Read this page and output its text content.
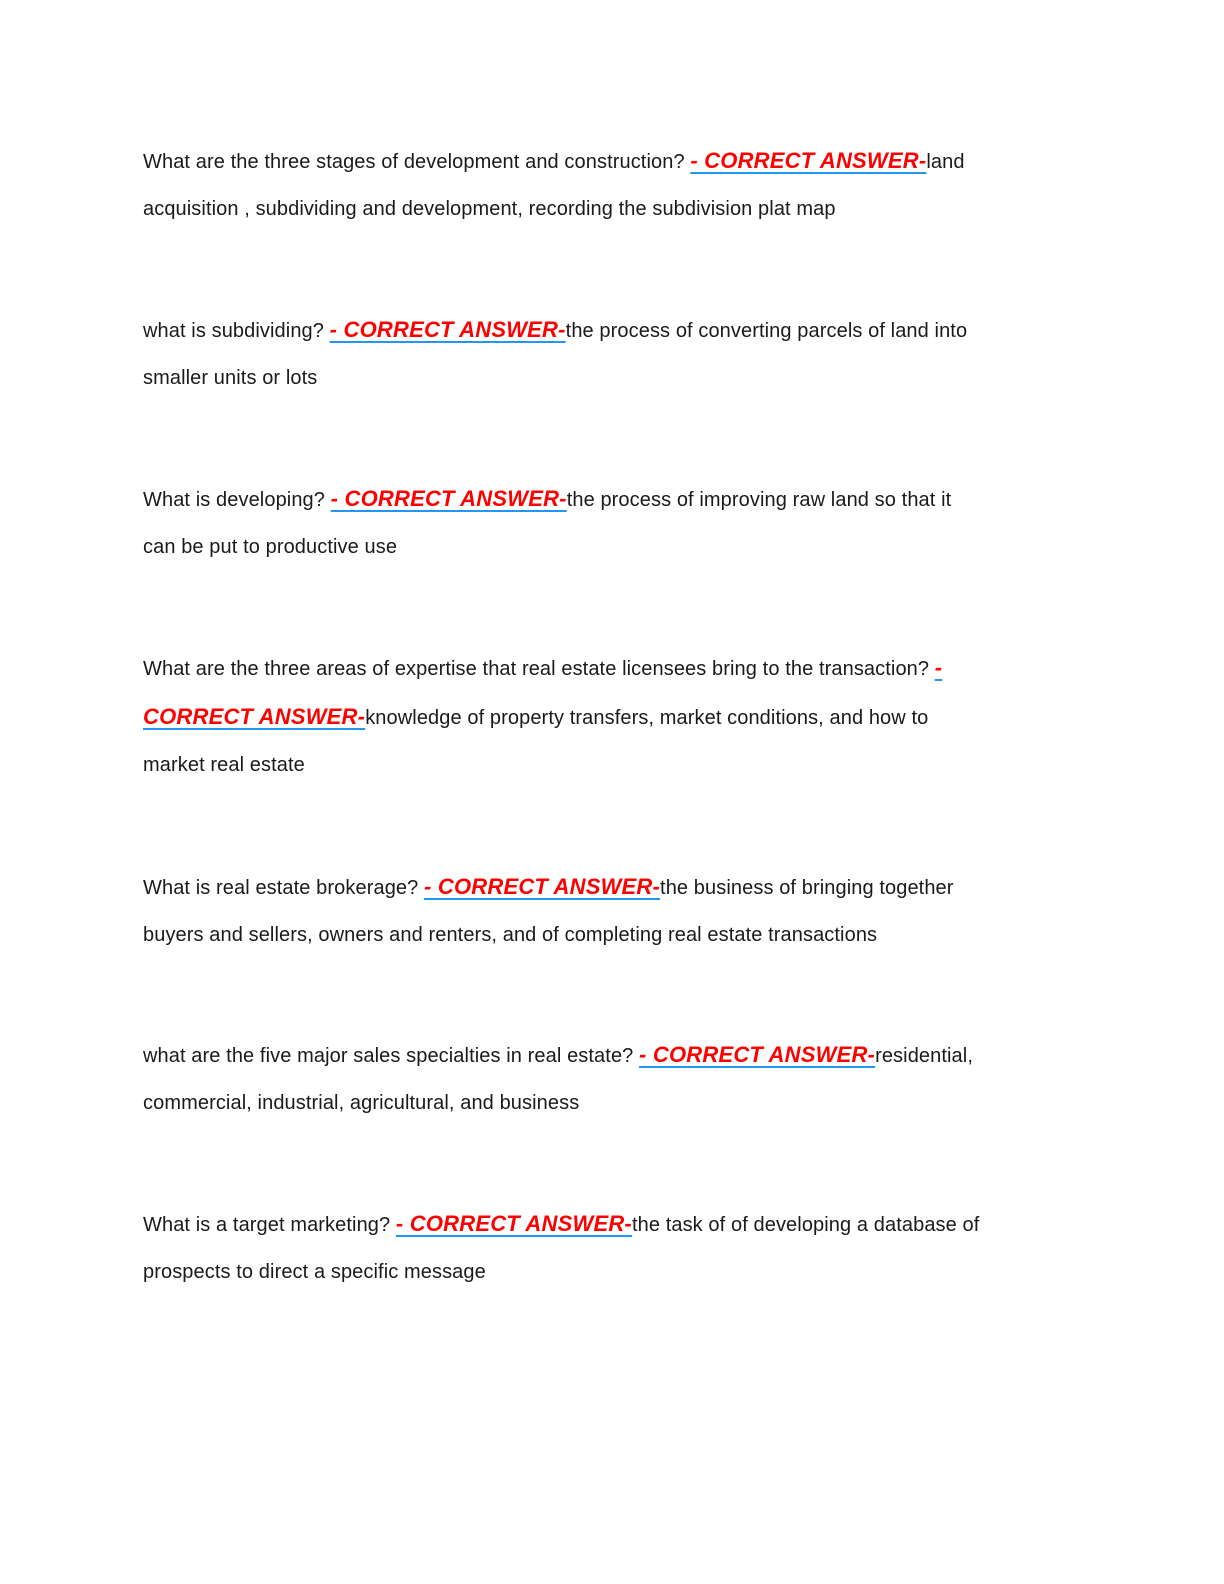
What are the three stages of development and construction? - CORRECT ANSWER-land
acquisition , subdividing and development, recording the subdivision plat map
what is subdividing? - CORRECT ANSWER-the process of converting parcels of land into
smaller units or lots
What is developing? - CORRECT ANSWER-the process of improving raw land so that it
can be put to productive use
What are the three areas of expertise that real estate licensees bring to the transaction? -
CORRECT ANSWER-knowledge of property transfers, market conditions, and how to
market real estate
What is real estate brokerage? - CORRECT ANSWER-the business of bringing together
buyers and sellers, owners and renters, and of completing real estate transactions
what are the five major sales specialties in real estate? - CORRECT ANSWER-residential,
commercial, industrial, agricultural, and business
What is a target marketing? - CORRECT ANSWER-the task of of developing a database of
prospects to direct a specific message
